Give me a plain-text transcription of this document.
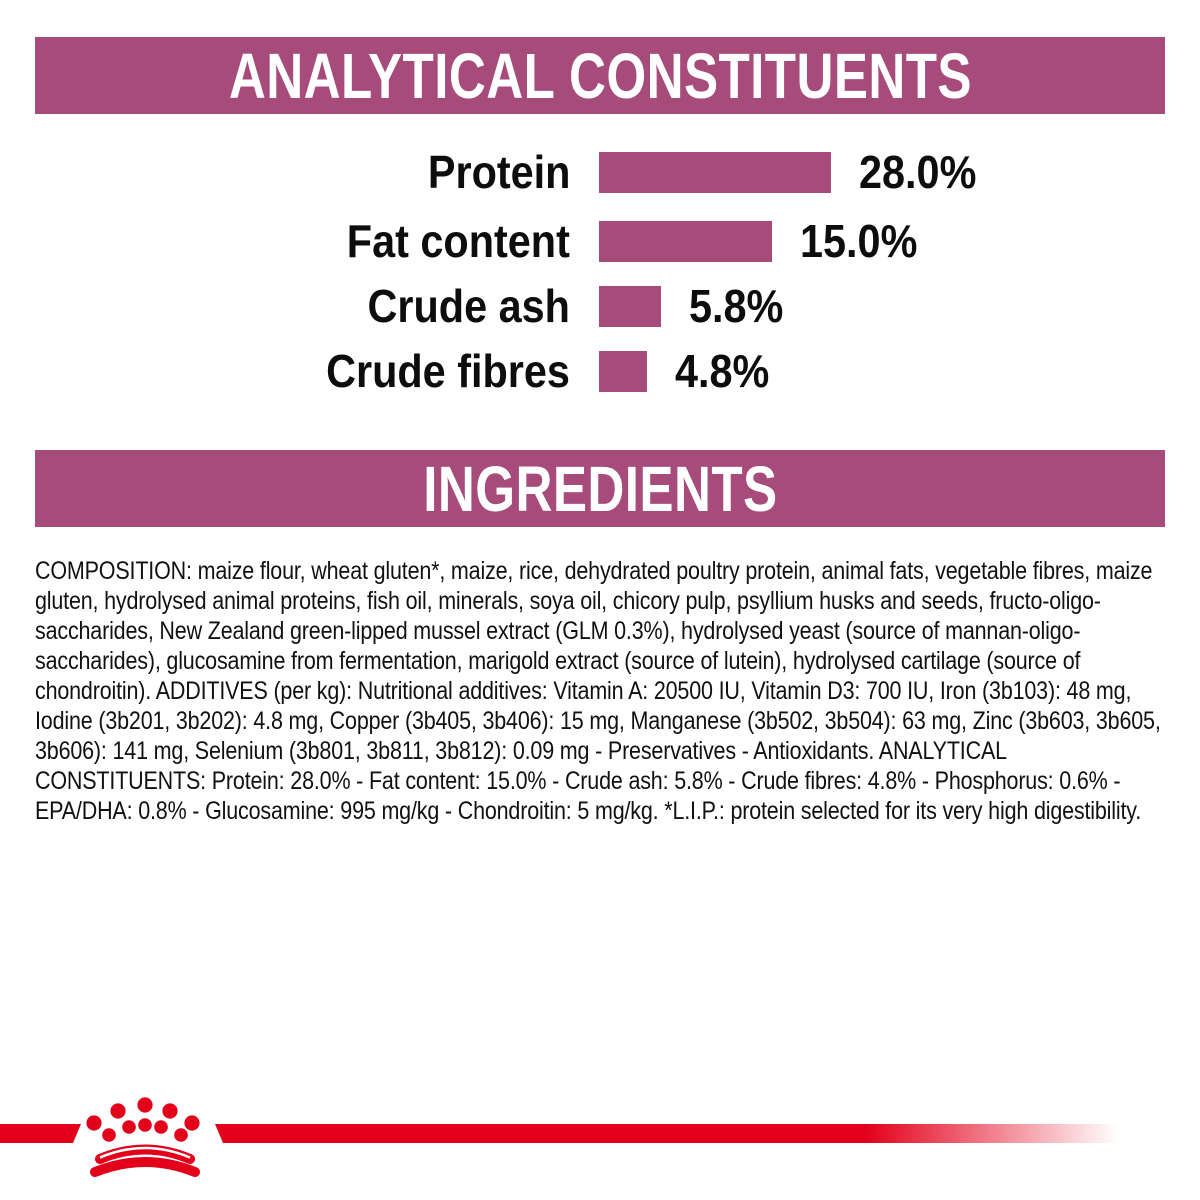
ANALYTICAL CONSTITUENTS
Protein	28.0%
Fat content	15.0%
Crude ash	5.8%
Crude fibres 4.8%
INGREDIENTS

COMPOSITION: maize flour, wheat gluten*, maize, rice, dehydrated poultry protein, animal fats, vegetable fibres, maize gluten, hydrolysed animal proteins, fish oil, minerals, soya oil, chicory pulp, psyllium husks and seeds, fructo-oligo-saccharides, New Zealand green-lipped mussel extract (GLM 0.3%), hydrolysed yeast (source of mannan-oligo-saccharides), glucosamine from fermentation, marigold extract (source of lutein), hydrolysed cartilage (source of chondroitin). ADDITIVES (per kg): Nutritional additives: Vitamin A: 20500 IU, Vitamin D3: 700 IU, Iron (3b103): 48 mg, Iodine (3b201, 3b202): 4.8 mg, Copper (3b405, 3b406): 15 mg, Manganese (3b502, 3b504): 63 mg, Zinc (3b603, 3b605, 3b606): 141 mg, Selenium (3b801, 3b811, 3b812): 0.09 mg - Preservatives - Antioxidants. ANALYTICAL CONSTITUENTS: Protein: 28.0% - Fat content: 15.0% - Crude ash: 5.8% - Crude fibres: 4.8% - Phosphorus: 0.6% - EPA/DHA: 0.8% - Glucosamine: 995 mg/kg - Chondroitin: 5 mg/kg. *L.I.P.: protein selected for its very high digestibility.
